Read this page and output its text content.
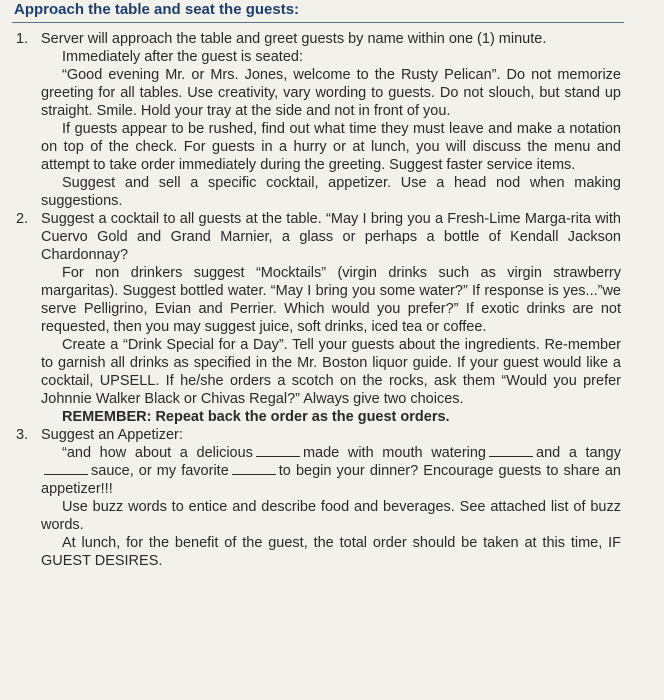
Approach the table and seat the guests:
1. Server will approach the table and greet guests by name within one (1) minute.

Immediately after the guest is seated:

“Good evening Mr. or Mrs. Jones, welcome to the Rusty Pelican”. Do not memorize greeting for all tables. Use creativity, vary wording to guests. Do not slouch, but stand up straight. Smile. Hold your tray at the side and not in front of you.

If guests appear to be rushed, find out what time they must leave and make a notation on top of the check. For guests in a hurry or at lunch, you will discuss the menu and attempt to take order immediately during the greeting. Suggest faster service items.

Suggest and sell a specific cocktail, appetizer. Use a head nod when making suggestions.

2. Suggest a cocktail to all guests at the table. “May I bring you a Fresh-Lime Marga-rita with Cuervo Gold and Grand Marnier, a glass or perhaps a bottle of Kendall Jackson Chardonnay?

For non drinkers suggest “Mocktails” (virgin drinks such as virgin strawberry margaritas). Suggest bottled water. “May I bring you some water?” If response is yes...”we serve Pelligrino, Evian and Perrier. Which would you prefer?” If exotic drinks are not requested, then you may suggest juice, soft drinks, iced tea or coffee.

Create a “Drink Special for a Day”. Tell your guests about the ingredients. Re-member to garnish all drinks as specified in the Mr. Boston liquor guide. If your guest would like a cocktail, UPSELL. If he/she orders a scotch on the rocks, ask them “Would you prefer Johnnie Walker Black or Chivas Regal?” Always give two choices.

REMEMBER: Repeat back the order as the guest orders.

3. Suggest an Appetizer:

“and how about a delicious	made with mouth watering	and a tangysauce, or my favorite	to begin your dinner? Encourage guests to share an appetizer!!!

Use buzz words to entice and describe food and beverages. See attached list of buzz words.

At lunch, for the benefit of the guest, the total order should be taken at this time, IF GUEST DESIRES.
